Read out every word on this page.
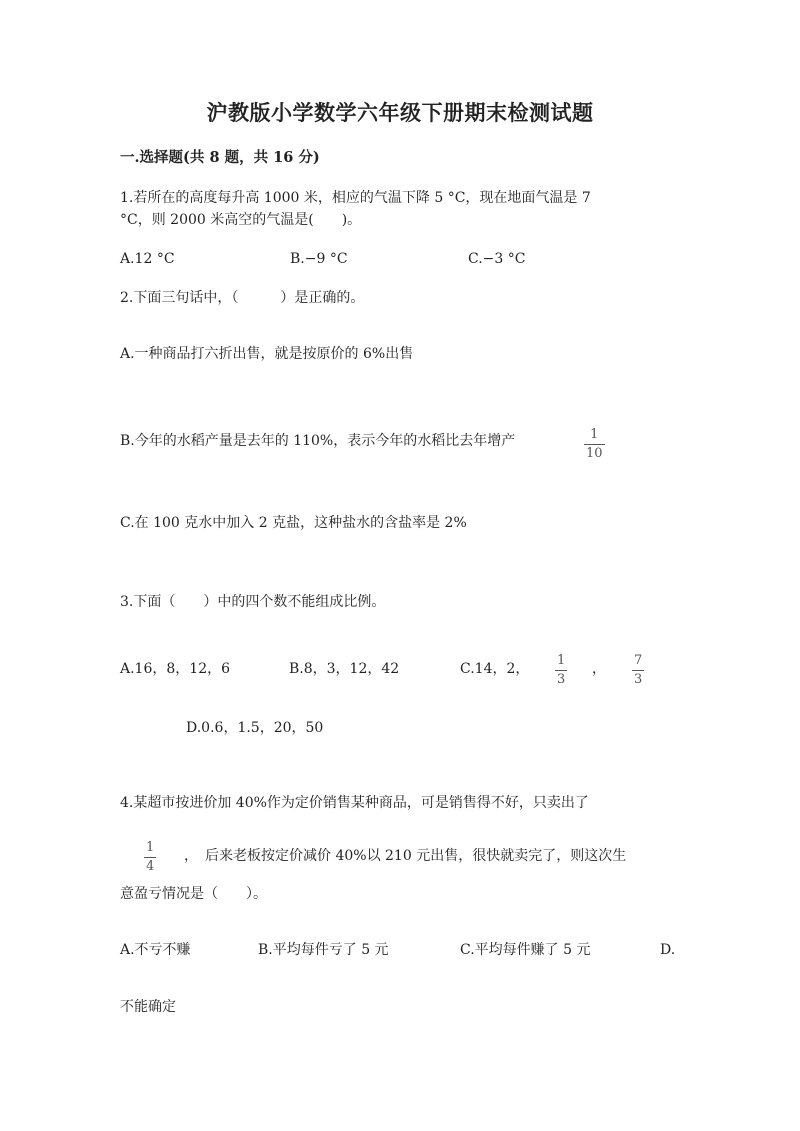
沪教版小学数学六年级下册期末检测试题
一.选择题(共 8 题，共 16 分)
1.若所在的高度每升高 1000 米，相应的气温下降 5 °C，现在地面气温是 7
°C，则 2000 米高空的气温是(　　)。
A.12 °C	B.−9 °C	C.−3 °C
2.下面三句话中，（　　　）是正确的。
A.一种商品打六折出售，就是按原价的 6%出售
B.今年的水稻产量是去年的 110%，表示今年的水稻比去年增产	1
10
C.在 100 克水中加入 2 克盐，这种盐水的含盐率是 2%
3.下面（　　）中的四个数不能组成比例。
A.16，8，12，6	B.8，3，12，42	C.14，2，
1
3
，
7
3
D.0.6，1.5，20，50
4.某超市按进价加 40%作为定价销售某种商品，可是销售得不好，只卖出了
1
4
，　后来老板按定价减价 40%以 210 元出售，很快就卖完了，则这次生
意盈亏情况是（　　）。
A.不亏不赚	B.平均每件亏了 5 元	C.平均每件赚了 5 元	D.
不能确定
